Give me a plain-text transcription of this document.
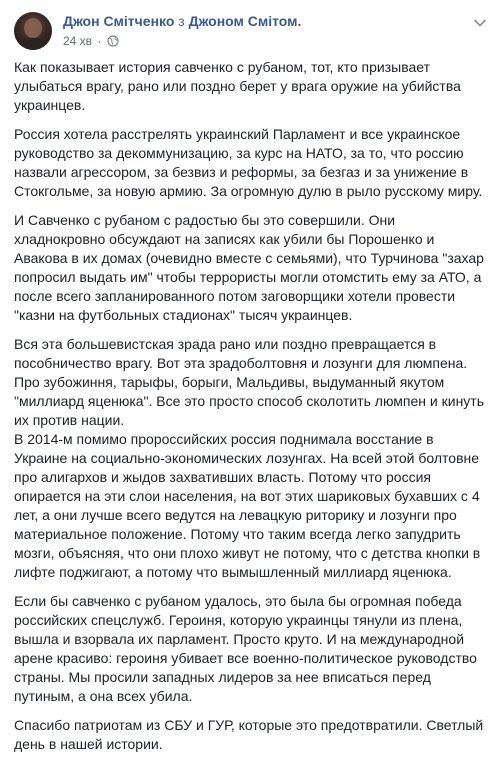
Джон Смітченко з Джоном Смітом.
24 хв ·

Как показывает история савченко с рубаном, тот, кто призывает улыбаться врагу, рано или поздно берет у врага оружие на убийства украинцев.

Россия хотела расстрелять украинский Парламент и все украинское руководство за декоммунизацию, за курс на НАТО, за то, что россию назвали агрессором, за безвиз и реформы, за безгаз и за унижение в Стокгольме, за новую армию. За огромную дулю в рыло русскому миру.

И Савченко с рубаном с радостью бы это совершили. Они хладнокровно обсуждают на записях как убили бы Порошенко и Авакова в их домах (очевидно вместе с семьями), что Турчинова "захар попросил выдать им" чтобы террористы могли отомстить ему за АТО, а после всего запланированного потом заговорщики хотели провести "казни на футбольных стадионах" тысяч украинцев.

Вся эта большевистская зрада рано или поздно превращается в пособничество врагу. Вот эта зрадоболтовня и лозунги для люмпена. Про зубожиння, тарыфы, борыги, Мальдивы, выдуманный якутом "миллиард яценюка". Все это просто способ сколотить люмпен и кинуть их против нации.

В 2014-м помимо пророссийских россия поднимала восстание в Украине на социально-экономических лозунгах. На всей этой болтовне про алигархов и жыдов захвативших власть. Потому что россия опирается на эти слои населения, на вот этих шариковых бухавших с 4 лет, а они лучше всего ведутся на левацкую риторику и лозунги про материальное положение. Потому что таким всегда легко запудрить мозги, объясняя, что они плохо живут не потому, что с детства кнопки в лифте поджигают, а потому что вымышленный миллиард яценюка.

Если бы савченко с рубаном удалось, это была бы огромная победа российских спецслужб. Героиня, которую украинцы тянули из плена, вышла и взорвала их парламент. Просто круто. И на международной арене красиво: героиня убивает все военно-политическое руководство страны. Мы просили западных лидеров за нее вписаться перед путиным, а она всех убила.

Спасибо патриотам из СБУ и ГУР, которые это предотвратили. Светлый день в нашей истории.
